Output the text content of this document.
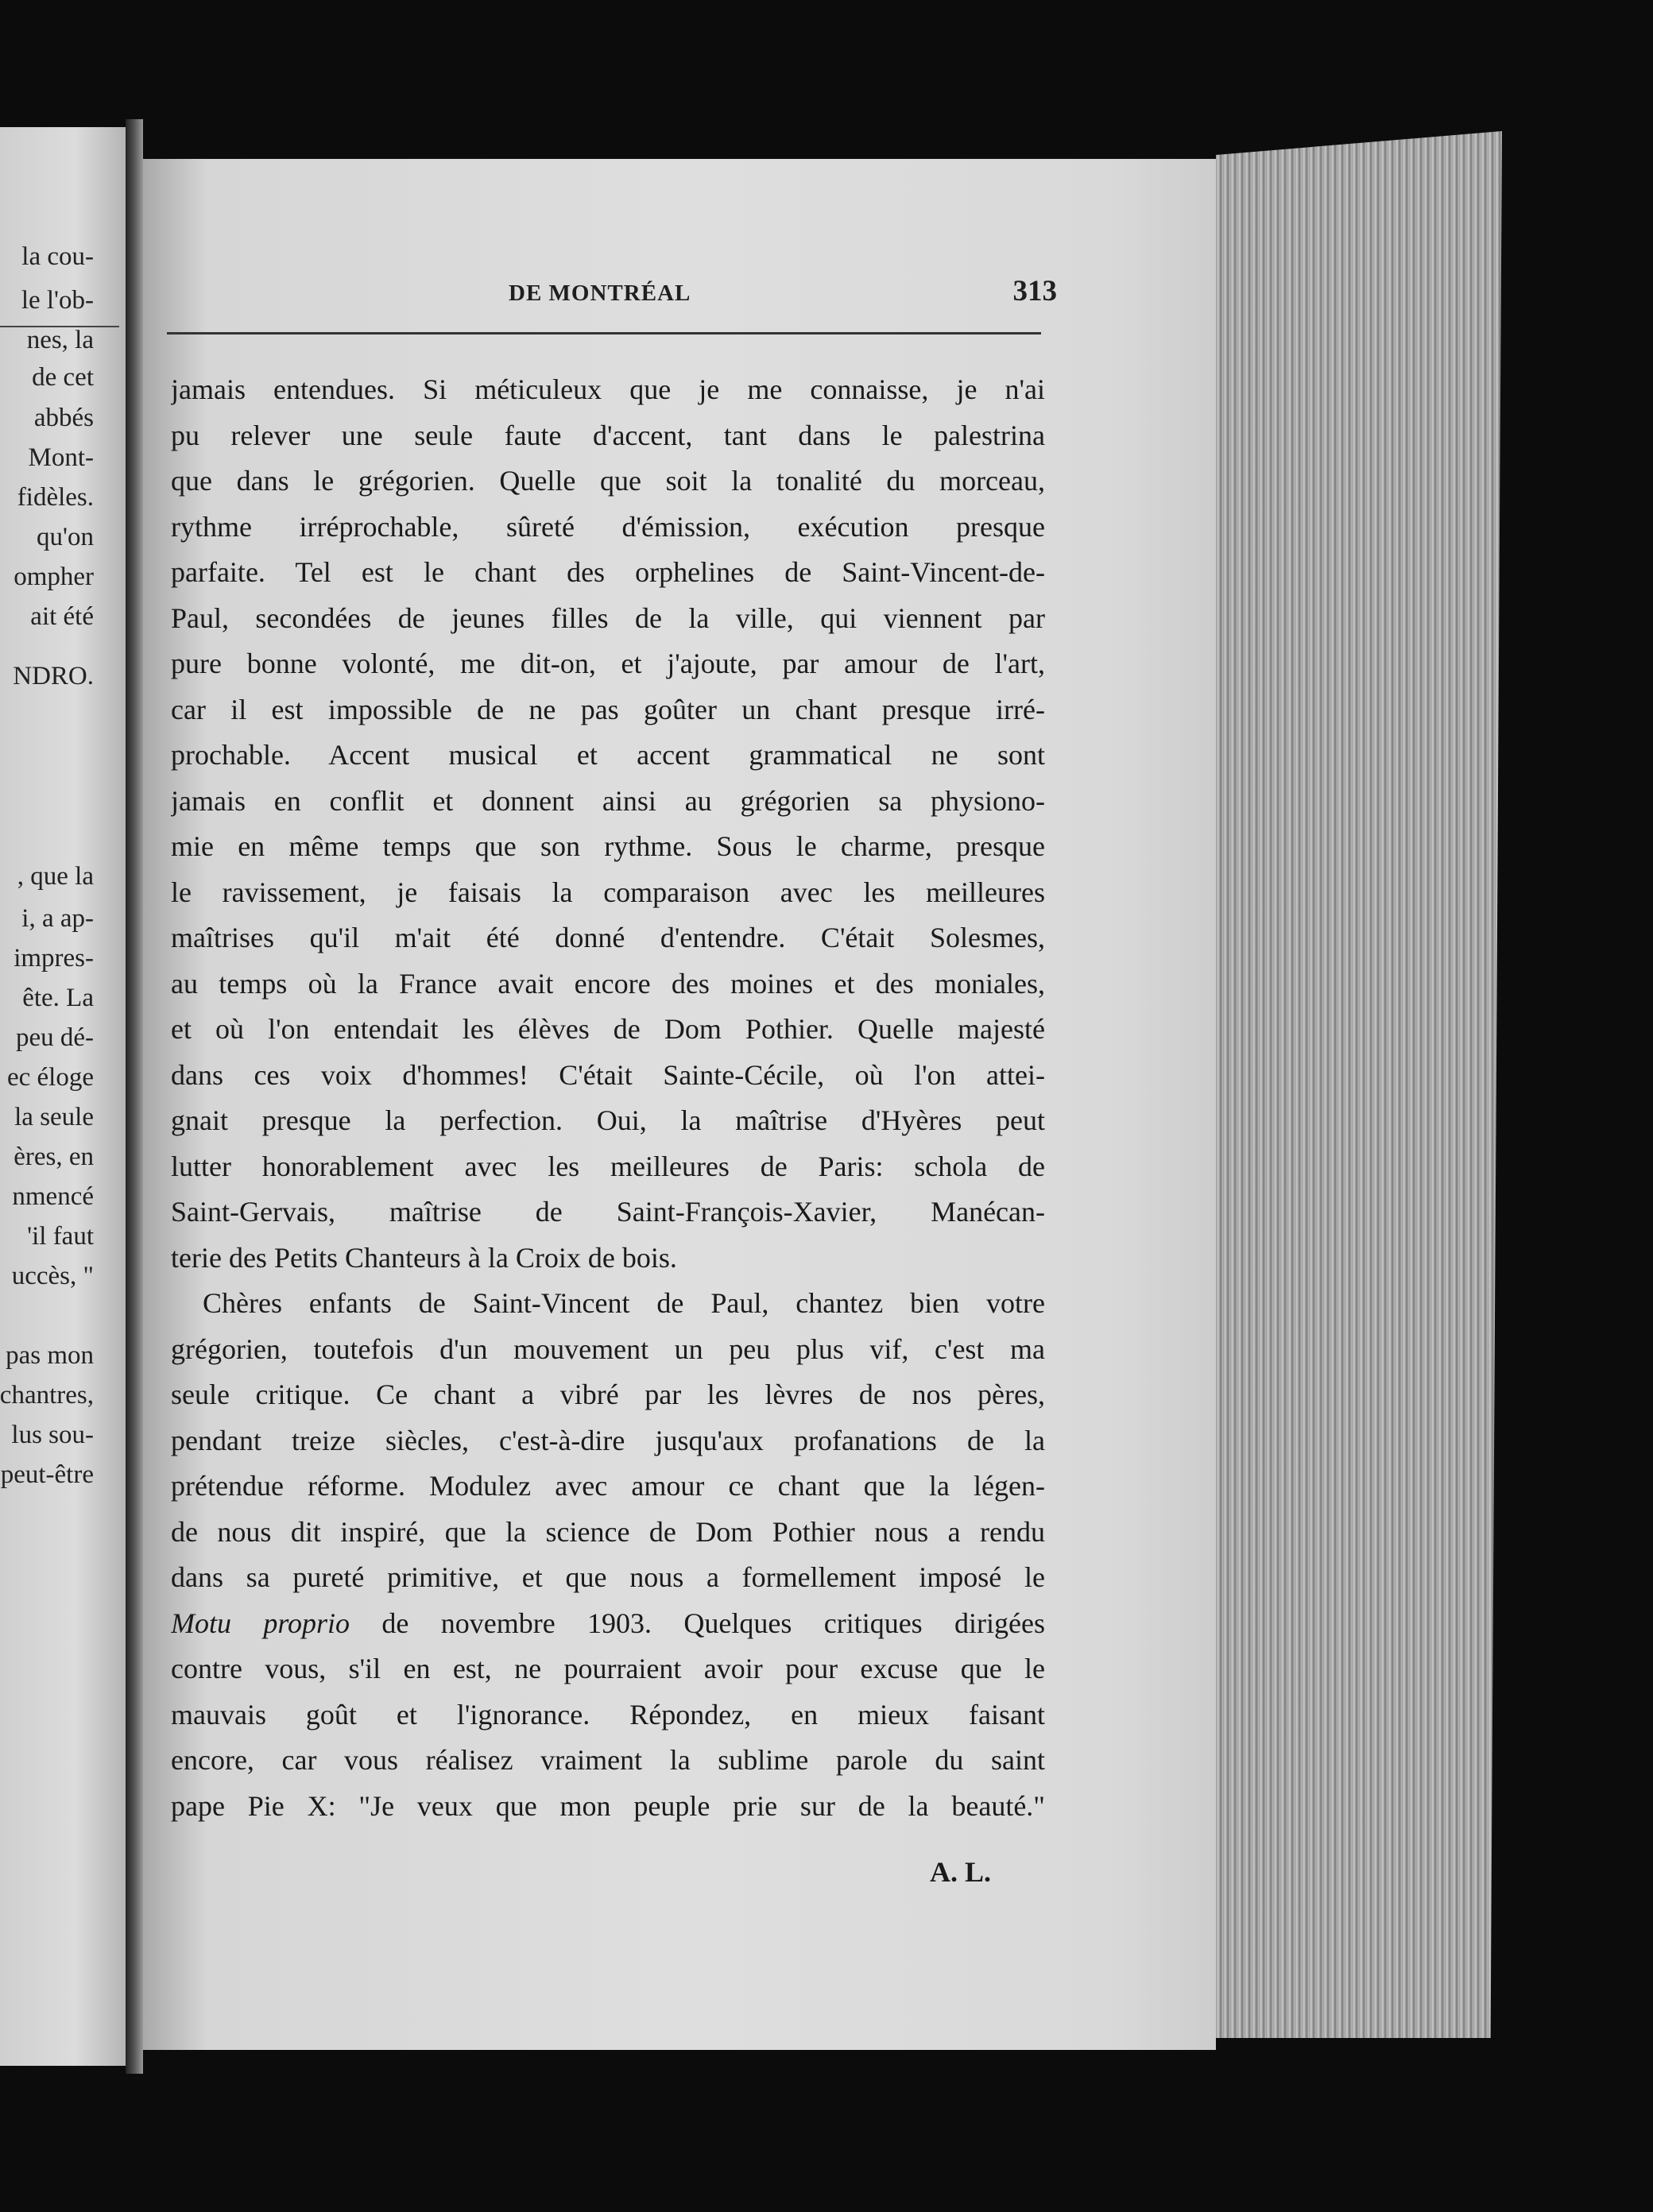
la cou-
le l'ob-
nes, la
de cet
abbés
Mont-
fidèles.
qu'on
ompher
ait été
NDRO.
, que la
i, a ap-
impres-
ête. La
peu dé-
ec éloge
la seule
ères, en
nmencé
'il faut
uccès, "
pas mon
chantres,
lus sou-
peut-être
DE MONTRÉAL	313
jamais entendues. Si méticuleux que je me connaisse, je n'ai
pu relever une seule faute d'accent, tant dans le palestrina
que dans le grégorien. Quelle que soit la tonalité du morceau,
rythme irréprochable, sûreté d'émission, exécution presque
parfaite. Tel est le chant des orphelines de Saint-Vincent-de-
Paul, secondées de jeunes filles de la ville, qui viennent par
pure bonne volonté, me dit-on, et j'ajoute, par amour de l'art,
car il est impossible de ne pas goûter un chant presque irré-
prochable. Accent musical et accent grammatical ne sont
jamais en conflit et donnent ainsi au grégorien sa physiono-
mie en même temps que son rythme. Sous le charme, presque
le ravissement, je faisais la comparaison avec les meilleures
maîtrises qu'il m'ait été donné d'entendre. C'était Solesmes,
au temps où la France avait encore des moines et des moniales,
et où l'on entendait les élèves de Dom Pothier. Quelle majesté
dans ces voix d'hommes! C'était Sainte-Cécile, où l'on attei-
gnait presque la perfection. Oui, la maîtrise d'Hyères peut
lutter honorablement avec les meilleures de Paris: schola de
Saint-Gervais, maîtrise de Saint-François-Xavier, Manécan-
terie des Petits Chanteurs à la Croix de bois.
Chères enfants de Saint-Vincent de Paul, chantez bien votre
grégorien, toutefois d'un mouvement un peu plus vif, c'est ma
seule critique. Ce chant a vibré par les lèvres de nos pères,
pendant treize siècles, c'est-à-dire jusqu'aux profanations de la
prétendue réforme. Modulez avec amour ce chant que la légen-
de nous dit inspiré, que la science de Dom Pothier nous a rendu
dans sa pureté primitive, et que nous a formellement imposé le
Motu proprio de novembre 1903. Quelques critiques dirigées
contre vous, s'il en est, ne pourraient avoir pour excuse que le
mauvais goût et l'ignorance. Répondez, en mieux faisant
encore, car vous réalisez vraiment la sublime parole du saint
pape Pie X: "Je veux que mon peuple prie sur de la beauté."
A. L.
